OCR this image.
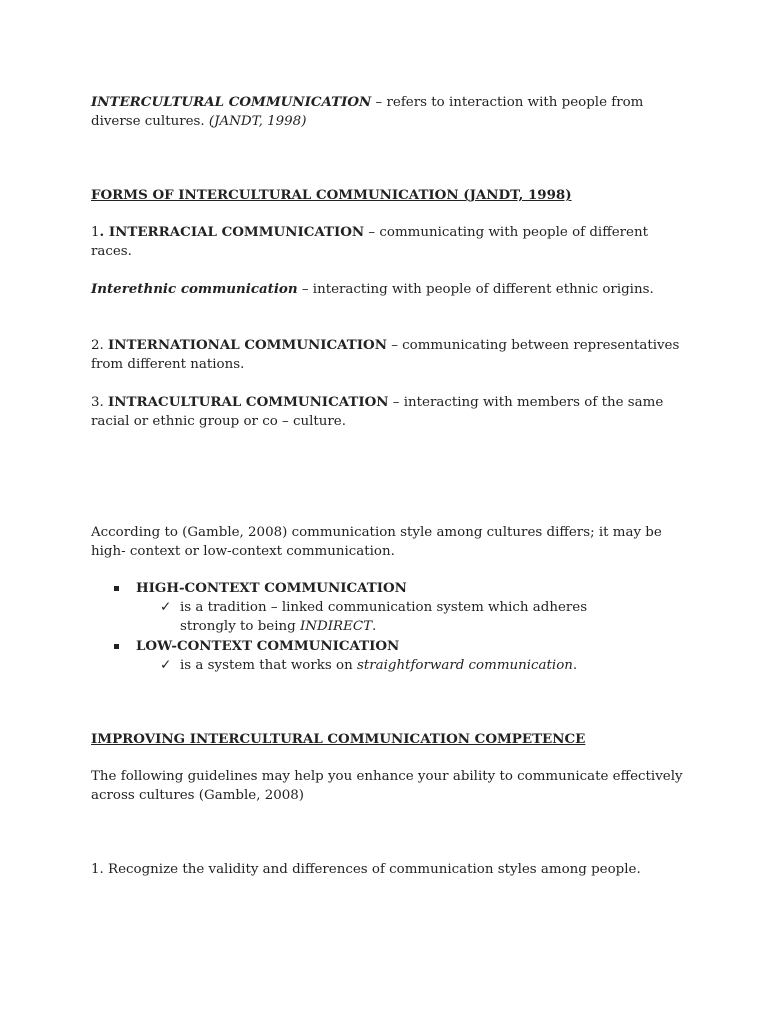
INTERCULTURAL COMMUNICATION – refers to interaction with people from diverse cultures. (JANDT, 1998)

FORMS OF INTERCULTURAL COMMUNICATION (JANDT, 1998)

1. INTERRACIAL COMMUNICATION – communicating with people of different races.

Interethnic communication – interacting with people of different ethnic origins.

2. INTERNATIONAL COMMUNICATION – communicating between representatives from different nations.

3. INTRACULTURAL COMMUNICATION – interacting with members of the same racial or ethnic group or co – culture.

According to (Gamble, 2008) communication style among cultures differs; it may be high- context or low-context communication.

HIGH-CONTEXT COMMUNICATION
✓ is a tradition – linked communication system which adheres
strongly to being INDIRECT.
LOW-CONTEXT COMMUNICATION
✓ is a system that works on straightforward communication.

IMPROVING INTERCULTURAL COMMUNICATION COMPETENCE

The following guidelines may help you enhance your ability to communicate effectively across cultures (Gamble, 2008)

1. Recognize the validity and differences of communication styles among people.
